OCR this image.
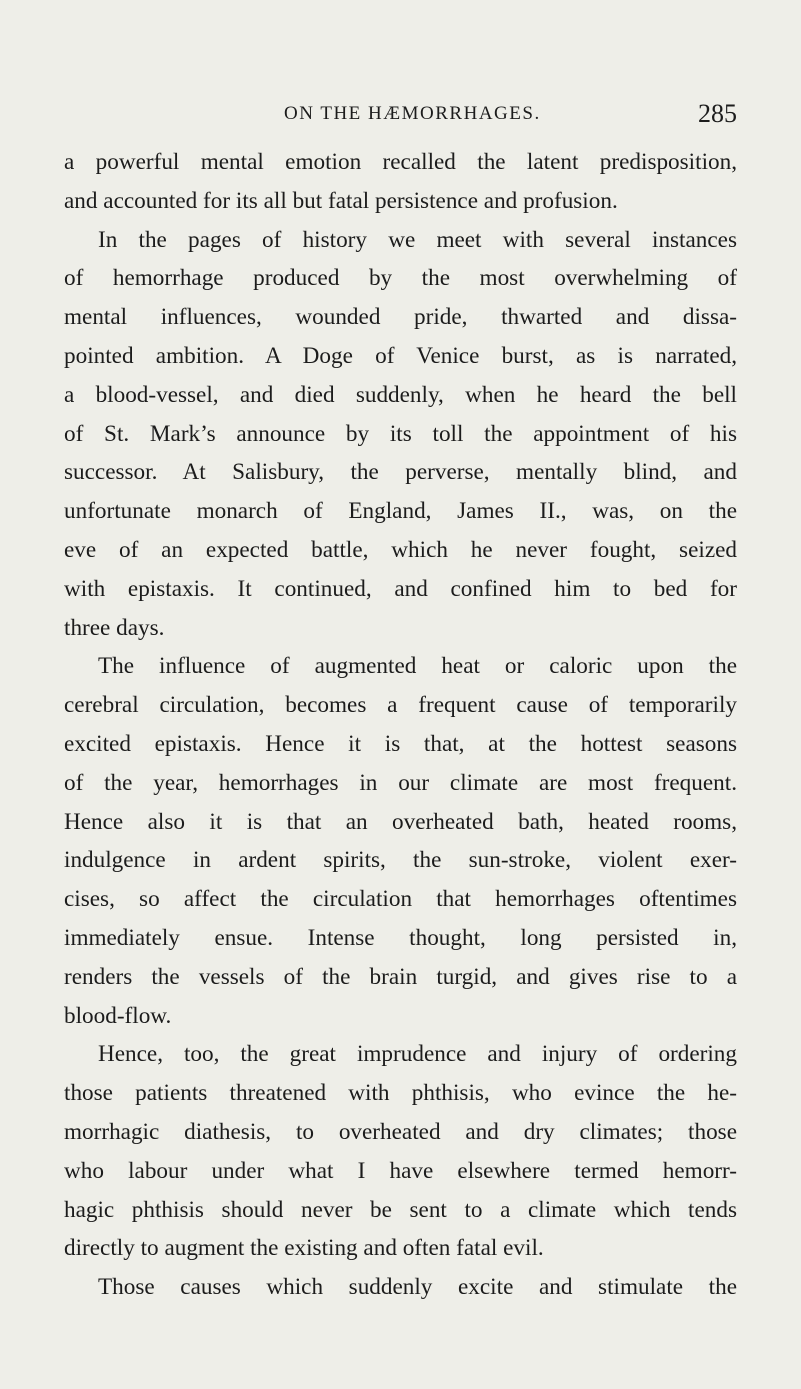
ON THE HÆMORRHAGES.	285
a powerful mental emotion recalled the latent predisposition,
and accounted for its all but fatal persistence and profusion.
In the pages of history we meet with several instances
of hemorrhage produced by the most overwhelming of
mental influences, wounded pride, thwarted and dissa-
pointed ambition. A Doge of Venice burst, as is narrated,
a blood-vessel, and died suddenly, when he heard the bell
of St. Mark’s announce by its toll the appointment of his
successor. At Salisbury, the perverse, mentally blind, and
unfortunate monarch of England, James II., was, on the
eve of an expected battle, which he never fought, seized
with epistaxis. It continued, and confined him to bed for
three days.
The influence of augmented heat or caloric upon the
cerebral circulation, becomes a frequent cause of temporarily
excited epistaxis. Hence it is that, at the hottest seasons
of the year, hemorrhages in our climate are most frequent.
Hence also it is that an overheated bath, heated rooms,
indulgence in ardent spirits, the sun-stroke, violent exer-
cises, so affect the circulation that hemorrhages oftentimes
immediately ensue. Intense thought, long persisted in,
renders the vessels of the brain turgid, and gives rise to a
blood-flow.
Hence, too, the great imprudence and injury of ordering
those patients threatened with phthisis, who evince the he-
morrhagic diathesis, to overheated and dry climates; those
who labour under what I have elsewhere termed hemorr-
hagic phthisis should never be sent to a climate which tends
directly to augment the existing and often fatal evil.
Those causes which suddenly excite and stimulate the
